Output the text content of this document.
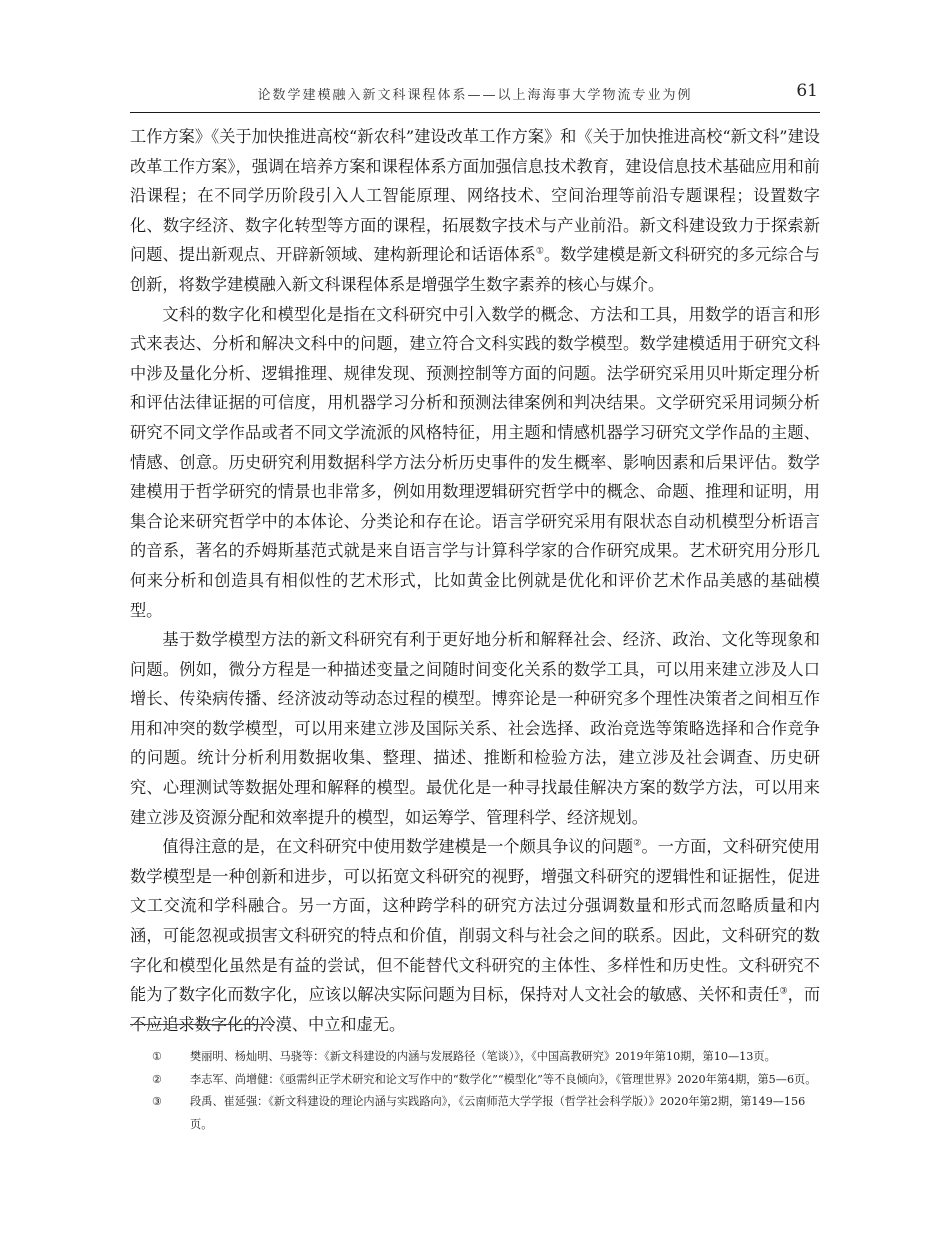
论数学建模融入新文科课程体系——以上海海事大学物流专业为例	61

工作方案》《关于加快推进高校“新农科”建设改革工作方案》和《关于加快推进高校“新文科”建设改革工作方案》，强调在培养方案和课程体系方面加强信息技术教育，建设信息技术基础应用和前沿课程；在不同学历阶段引入人工智能原理、网络技术、空间治理等前沿专题课程；设置数字化、数字经济、数字化转型等方面的课程，拓展数字技术与产业前沿。新文科建设致力于探索新问题、提出新观点、开辟新领域、建构新理论和话语体系①。数学建模是新文科研究的多元综合与创新，将数学建模融入新文科课程体系是增强学生数字素养的核心与媒介。

文科的数字化和模型化是指在文科研究中引入数学的概念、方法和工具，用数学的语言和形式来表达、分析和解决文科中的问题，建立符合文科实践的数学模型。数学建模适用于研究文科中涉及量化分析、逻辑推理、规律发现、预测控制等方面的问题。法学研究采用贝叶斯定理分析和评估法律证据的可信度，用机器学习分析和预测法律案例和判决结果。文学研究采用词频分析研究不同文学作品或者不同文学流派的风格特征，用主题和情感机器学习研究文学作品的主题、情感、创意。历史研究利用数据科学方法分析历史事件的发生概率、影响因素和后果评估。数学建模用于哲学研究的情景也非常多，例如用数理逻辑研究哲学中的概念、命题、推理和证明，用集合论来研究哲学中的本体论、分类论和存在论。语言学研究采用有限状态自动机模型分析语言的音系，著名的乔姆斯基范式就是来自语言学与计算科学家的合作研究成果。艺术研究用分形几何来分析和创造具有相似性的艺术形式，比如黄金比例就是优化和评价艺术作品美感的基础模型。

基于数学模型方法的新文科研究有利于更好地分析和解释社会、经济、政治、文化等现象和问题。例如，微分方程是一种描述变量之间随时间变化关系的数学工具，可以用来建立涉及人口增长、传染病传播、经济波动等动态过程的模型。博弈论是一种研究多个理性决策者之间相互作用和冲突的数学模型，可以用来建立涉及国际关系、社会选择、政治竞选等策略选择和合作竞争的问题。统计分析利用数据收集、整理、描述、推断和检验方法，建立涉及社会调查、历史研究、心理测试等数据处理和解释的模型。最优化是一种寻找最佳解决方案的数学方法，可以用来建立涉及资源分配和效率提升的模型，如运筹学、管理科学、经济规划。

值得注意的是，在文科研究中使用数学建模是一个颇具争议的问题②。一方面，文科研究使用数学模型是一种创新和进步，可以拓宽文科研究的视野，增强文科研究的逻辑性和证据性，促进文工交流和学科融合。另一方面，这种跨学科的研究方法过分强调数量和形式而忽略质量和内涵，可能忽视或损害文科研究的特点和价值，削弱文科与社会之间的联系。因此，文科研究的数字化和模型化虽然是有益的尝试，但不能替代文科研究的主体性、多样性和历史性。文科研究不能为了数字化而数字化，应该以解决实际问题为目标，保持对人文社会的敏感、关怀和责任③，而不应追求数字化的冷漠、中立和虚无。

①	樊丽明、杨灿明、马骁等：《新文科建设的内涵与发展路径（笔谈）》，《中国高教研究》2019年第10期，第10—13页。
②	李志军、尚增健：《亟需纠正学术研究和论文写作中的“数学化”“模型化”等不良倾向》，《管理世界》2020年第4期，第5—6页。
③	段禹、崔延强：《新文科建设的理论内涵与实践路向》，《云南师范大学学报（哲学社会科学版）》2020年第2期，第149—156页。
